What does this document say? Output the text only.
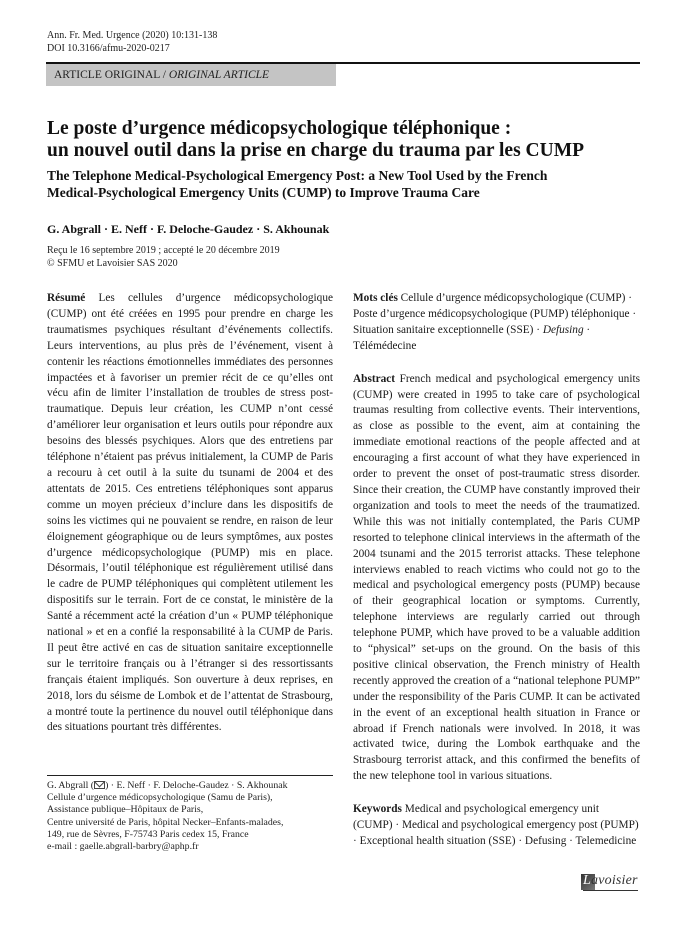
Ann. Fr. Med. Urgence (2020) 10:131-138
DOI 10.3166/afmu-2020-0217
ARTICLE ORIGINAL / ORIGINAL ARTICLE
Le poste d’urgence médicopsychologique téléphonique :
un nouvel outil dans la prise en charge du trauma par les CUMP
The Telephone Medical-Psychological Emergency Post: a New Tool Used by the French
Medical-Psychological Emergency Units (CUMP) to Improve Trauma Care
G. Abgrall · E. Neff · F. Deloche-Gaudez · S. Akhounak
Reçu le 16 septembre 2019 ; accepté le 20 décembre 2019
© SFMU et Lavoisier SAS 2020

Résumé Les cellules d’urgence médicopsychologique (CUMP) ont été créées en 1995 pour prendre en charge les traumatismes psychiques résultant d’événements collectifs. Leurs interventions, au plus près de l’événement, visent à contenir les réactions émotionnelles immédiates des personnes impactées et à favoriser un premier récit de ce qu’elles ont vécu afin de limiter l’installation de troubles de stress post-traumatique. Depuis leur création, les CUMP n’ont cessé d’améliorer leur organisation et leurs outils pour répondre aux besoins des blessés psychiques. Alors que des entretiens par téléphone n’étaient pas prévus initialement, la CUMP de Paris a recouru à cet outil à la suite du tsunami de 2004 et des attentats de 2015. Ces entretiens téléphoniques sont apparus comme un moyen précieux d’inclure dans les dispositifs de soins les victimes qui ne pouvaient se rendre, en raison de leur éloignement géographique ou de leurs symptômes, aux postes d’urgence médicopsychologique (PUMP) mis en place. Désormais, l’outil téléphonique est régulièrement utilisé dans le cadre de PUMP téléphoniques qui complètent utilement les dispositifs sur le terrain. Fort de ce constat, le ministère de la Santé a récemment acté la création d’un « PUMP téléphonique national » et en a confié la responsabilité à la CUMP de Paris. Il peut être activé en cas de situation sanitaire exceptionnelle sur le territoire français ou à l’étranger si des ressortissants français étaient impliqués. Son ouverture à deux reprises, en 2018, lors du séisme de Lombok et de l’attentat de Strasbourg, a montré toute la pertinence du nouvel outil téléphonique dans des situations pourtant très différentes.

Mots clés Cellule d’urgence médicopsychologique (CUMP) · Poste d’urgence médicopsychologique (PUMP) téléphonique · Situation sanitaire exceptionnelle (SSE) · Defusing · Télémédecine

Abstract French medical and psychological emergency units (CUMP) were created in 1995 to take care of psychological traumas resulting from collective events. Their interventions, as close as possible to the event, aim at containing the immediate emotional reactions of the people affected and at encouraging a first account of what they have experienced in order to prevent the onset of post-traumatic stress disorder. Since their creation, the CUMP have constantly improved their organization and tools to meet the needs of the traumatized. While this was not initially contemplated, the Paris CUMP resorted to telephone clinical interviews in the aftermath of the 2004 tsunami and the 2015 terrorist attacks. These telephone interviews enabled to reach victims who could not go to the medical and psychological emergency posts (PUMP) because of their geographical location or symptoms. Currently, telephone interviews are regularly carried out through telephone PUMP, which have proved to be a valuable addition to “physical” set-ups on the ground. On the basis of this positive clinical observation, the French ministry of Health recently approved the creation of a “national telephone PUMP” under the responsibility of the Paris CUMP. It can be activated in the event of an exceptional health situation in France or abroad if French nationals were involved. In 2018, it was activated twice, during the Lombok earthquake and the Strasbourg terrorist attack, and this confirmed the benefits of the new telephone tool in various situations.

Keywords Medical and psychological emergency unit (CUMP) · Medical and psychological emergency post (PUMP) · Exceptional health situation (SSE) · Defusing · Telemedicine

G. Abgrall ( ) · E. Neff · F. Deloche-Gaudez · S. Akhounak
Cellule d’urgence médicopsychologique (Samu de Paris),
Assistance publique–Hôpitaux de Paris,
Centre université de Paris, hôpital Necker–Enfants-malades,
149, rue de Sèvres, F-75743 Paris cedex 15, France
e-mail : gaelle.abgrall-barbry@aphp.fr
Lavoisier
